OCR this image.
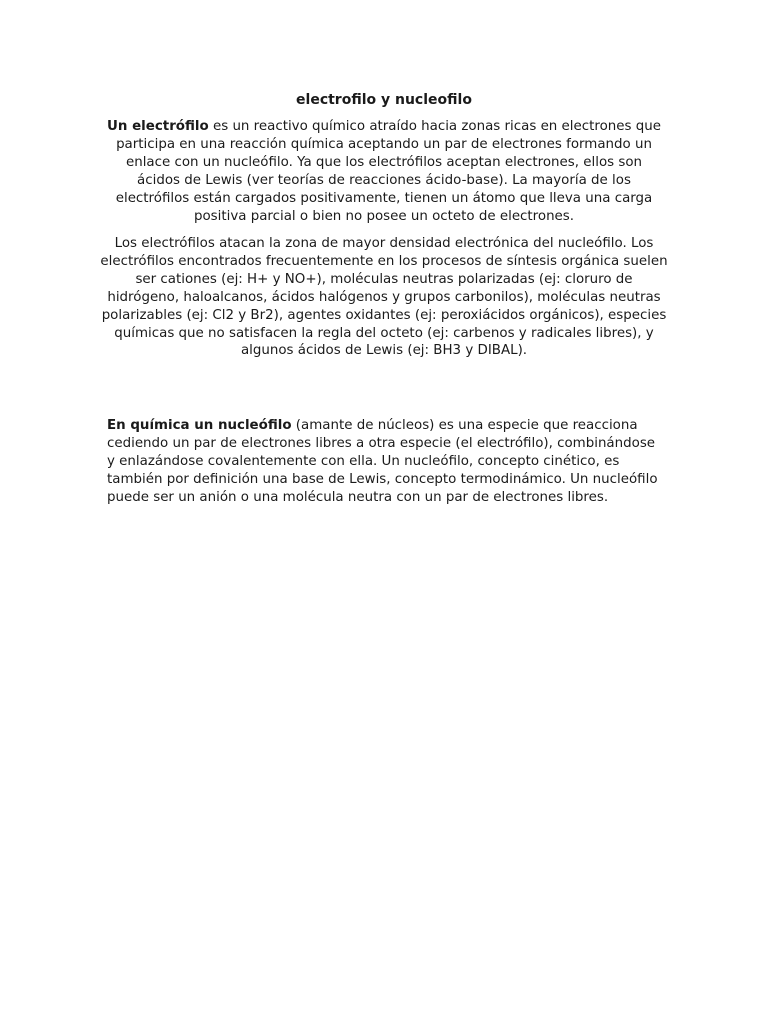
electrofilo y nucleofilo
Un electrófilo es un reactivo químico atraído hacia zonas ricas en electrones que participa en una reacción química aceptando un par de electrones formando un enlace con un nucleófilo. Ya que los electrófilos aceptan electrones, ellos son ácidos de Lewis (ver teorías de reacciones ácido-base). La mayoría de los electrófilos están cargados positivamente, tienen un átomo que lleva una carga positiva parcial o bien no posee un octeto de electrones.
Los electrófilos atacan la zona de mayor densidad electrónica del nucleófilo. Los electrófilos encontrados frecuentemente en los procesos de síntesis orgánica suelen ser cationes (ej: H+ y NO+), moléculas neutras polarizadas (ej: cloruro de hidrógeno, haloalcanos, ácidos halógenos y grupos carbonilos), moléculas neutras polarizables (ej: Cl2 y Br2), agentes oxidantes (ej: peroxiácidos orgánicos), especies químicas que no satisfacen la regla del octeto (ej: carbenos y radicales libres), y algunos ácidos de Lewis (ej: BH3 y DIBAL).
En química un nucleófilo (amante de núcleos) es una especie que reacciona cediendo un par de electrones libres a otra especie (el electrófilo), combinándose y enlazándose covalentemente con ella. Un nucleófilo, concepto cinético, es también por definición una base de Lewis, concepto termodinámico. Un nucleófilo puede ser un anión o una molécula neutra con un par de electrones libres.
